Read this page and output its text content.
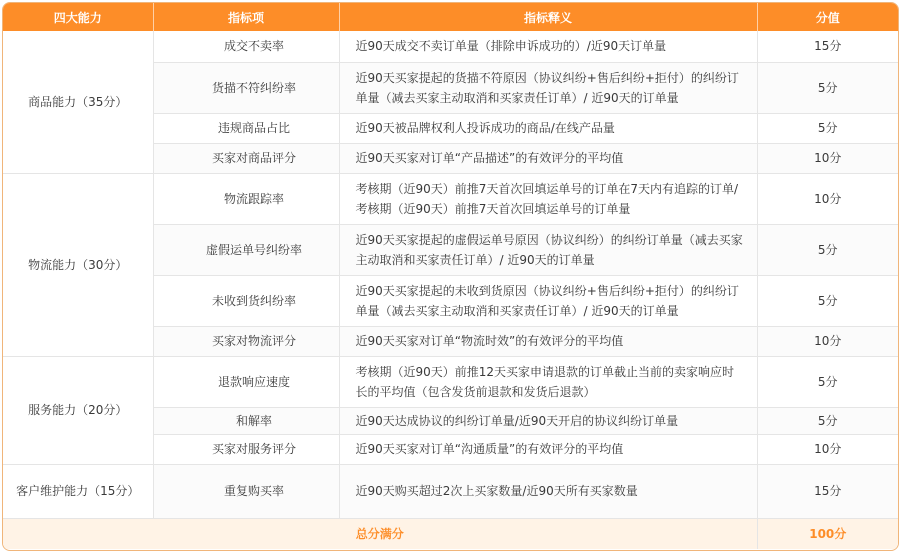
四大能力	指标项	指标释义	分值
商品能力（35分）	成交不卖率	近90天成交不卖订单量（排除申诉成功的）/近90天订单量	15分
	货描不符纠纷率	近90天买家提起的货描不符原因（协议纠纷+售后纠纷+拒付）的纠纷订单量（减去买家主动取消和买家责任订单）/ 近90天的订单量	5分
	违规商品占比	近90天被品牌权利人投诉成功的商品/在线产品量	5分
	买家对商品评分	近90天买家对订单“产品描述”的有效评分的平均值	10分
物流能力（30分）	物流跟踪率	考核期（近90天）前推7天首次回填运单号的订单在7天内有追踪的订单/考核期（近90天）前推7天首次回填运单号的订单量	10分
	虚假运单号纠纷率	近90天买家提起的虚假运单号原因（协议纠纷）的纠纷订单量（减去买家主动取消和买家责任订单）/ 近90天的订单量	5分
	未收到货纠纷率	近90天买家提起的未收到货原因（协议纠纷+售后纠纷+拒付）的纠纷订单量（减去买家主动取消和买家责任订单）/ 近90天的订单量	5分
	买家对物流评分	近90天买家对订单“物流时效”的有效评分的平均值	10分
服务能力（20分）	退款响应速度	考核期（近90天）前推12天买家申请退款的订单截止当前的卖家响应时长的平均值（包含发货前退款和发货后退款）	5分
	和解率	近90天达成协议的纠纷订单量/近90天开启的协议纠纷订单量	5分
	买家对服务评分	近90天买家对订单“沟通质量”的有效评分的平均值	10分
客户维护能力（15分）	重复购买率	近90天购买超过2次上买家数量/近90天所有买家数量	15分
总分满分			100分
